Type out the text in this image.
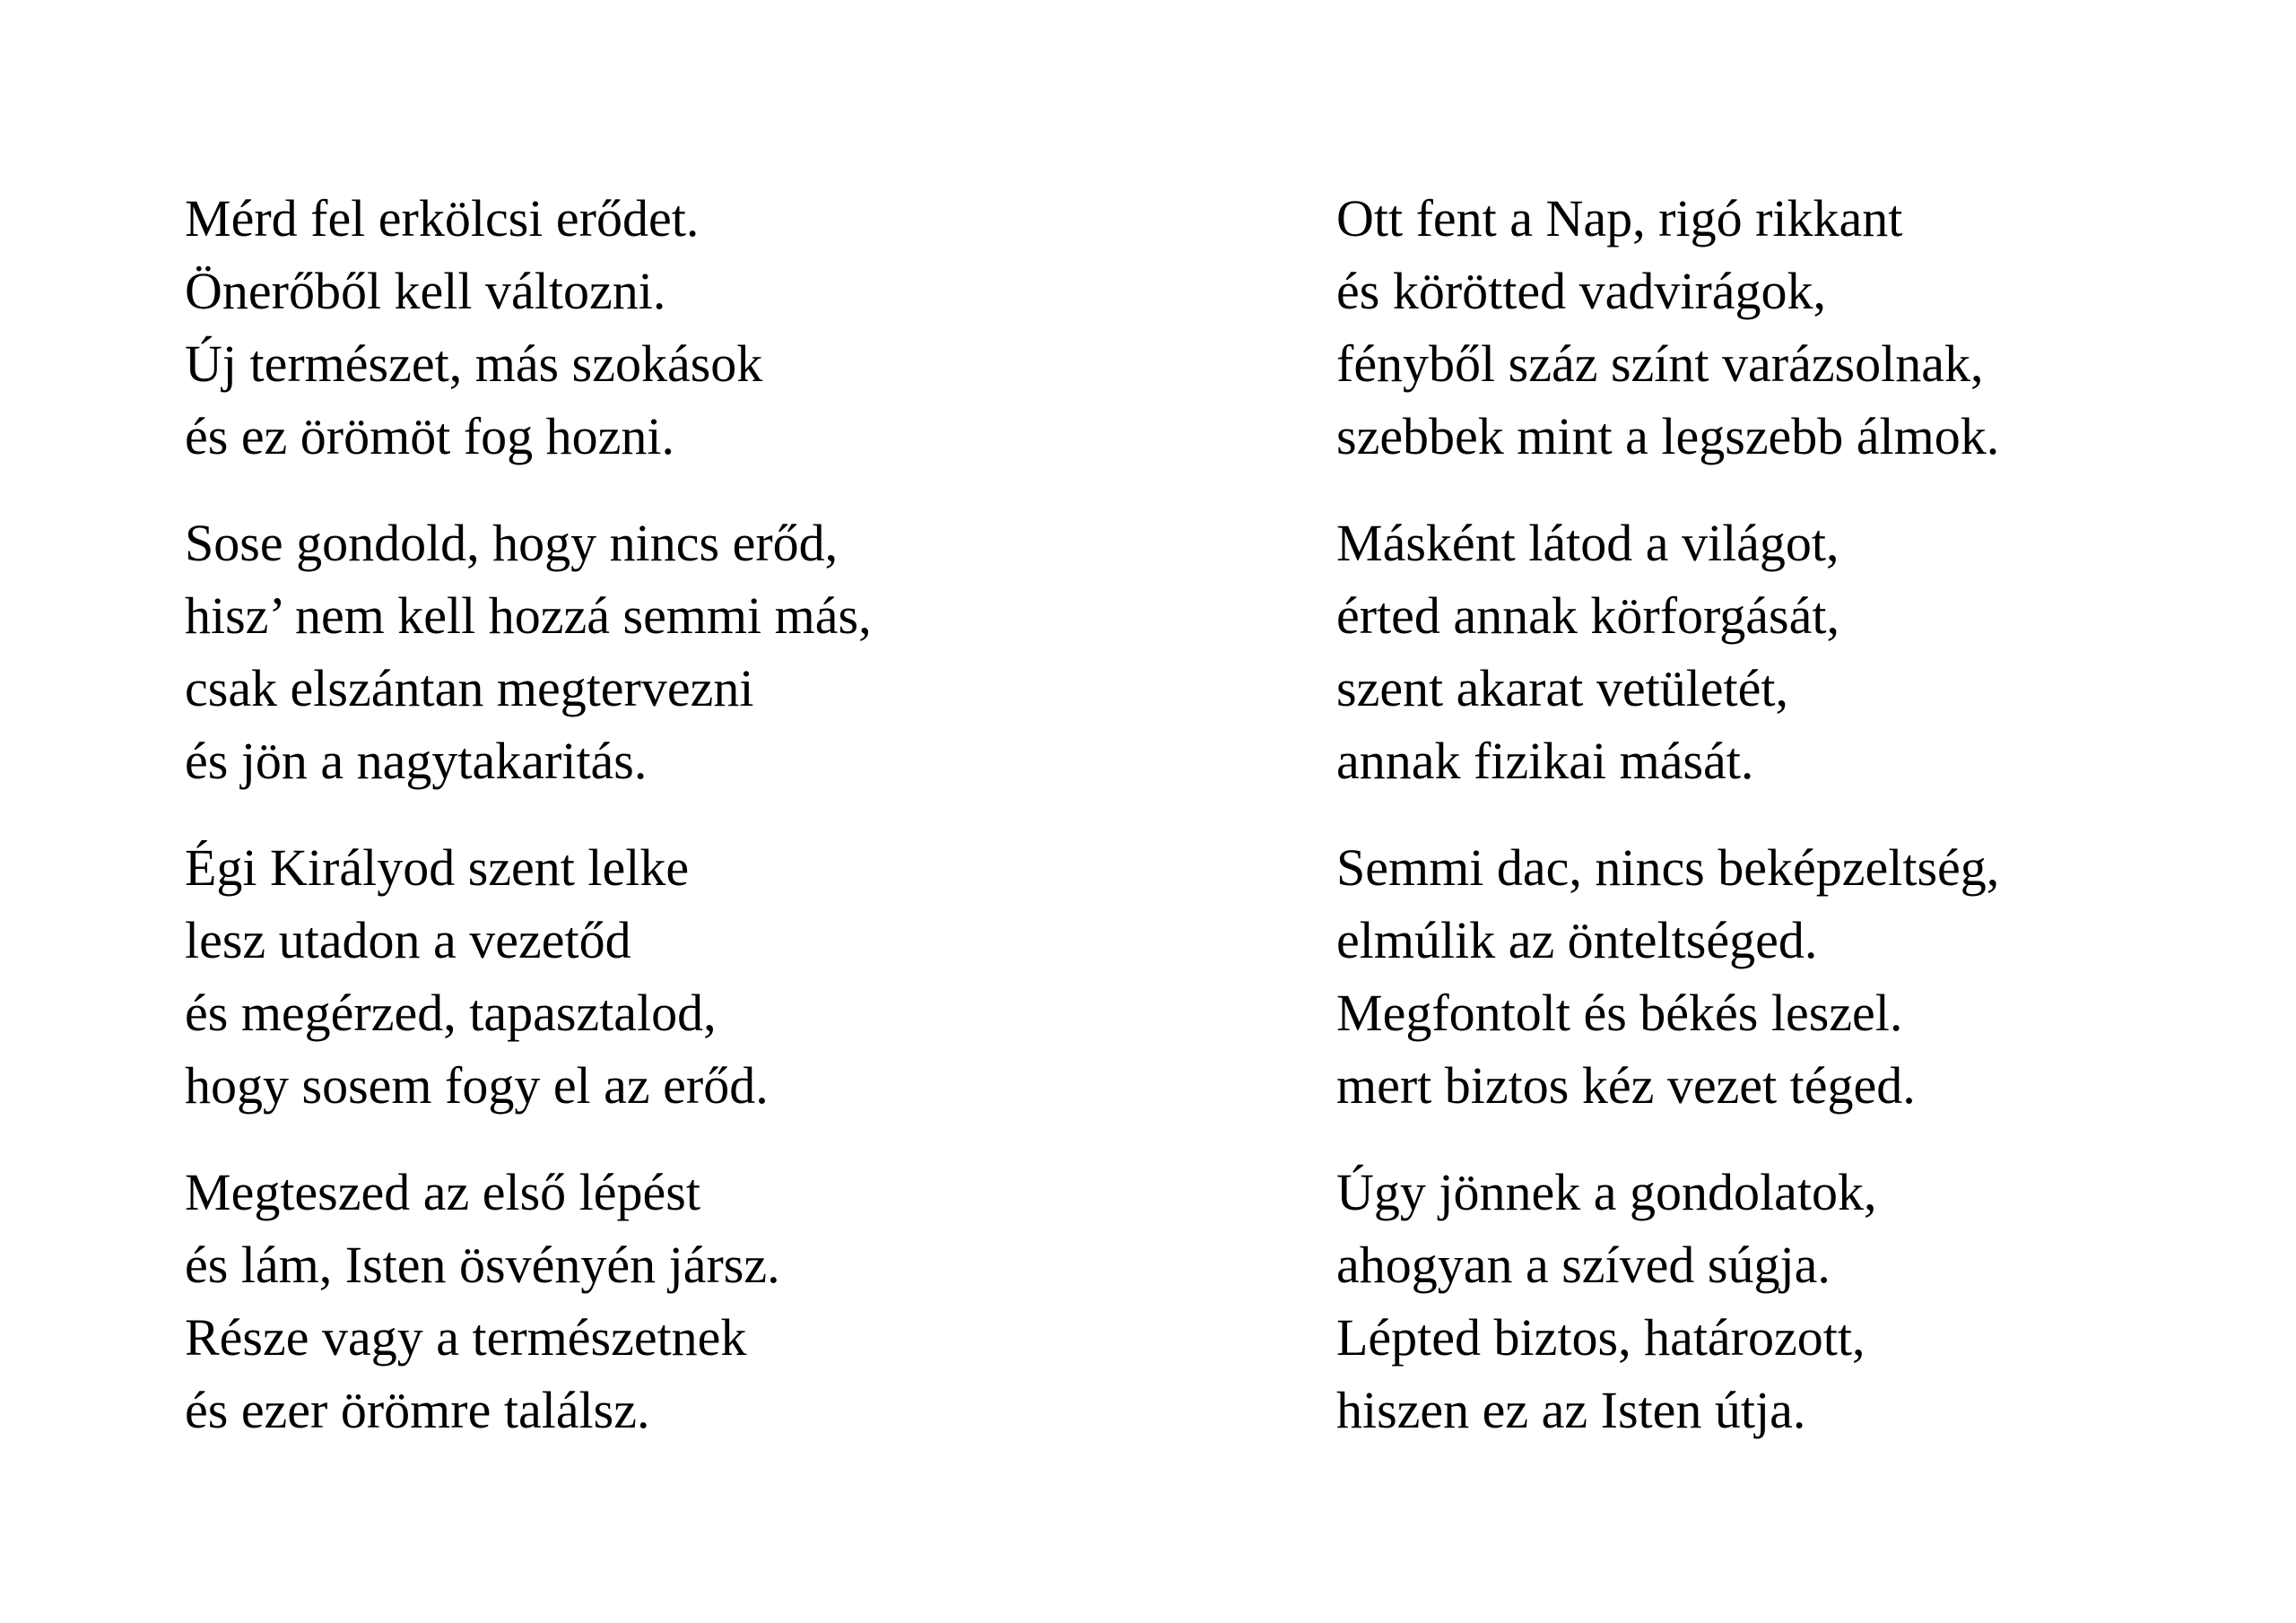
Mérd fel erkölcsi erődet.
Önerőből kell változni.
Új természet, más szokások
és ez örömöt fog hozni.
Sose gondold, hogy nincs erőd,
hisz’ nem kell hozzá semmi más,
csak elszántan megtervezni
és jön a nagytakaritás.
Égi Királyod szent lelke
lesz utadon a vezetőd
és megérzed, tapasztalod,
hogy sosem fogy el az erőd.
Megteszed az első lépést
és lám, Isten ösvényén jársz.
Része vagy a természetnek
és ezer örömre találsz.
Ott fent a Nap, rigó rikkant
és körötted vadvirágok,
fényből száz színt varázsolnak,
szebbek mint a legszebb álmok.
Másként látod a világot,
érted annak körforgását,
szent akarat vetületét,
annak fizikai mását.
Semmi dac, nincs beképzeltség,
elmúlik az önteltséged.
Megfontolt és békés leszel.
mert biztos kéz vezet téged.
Úgy jönnek a gondolatok,
ahogyan a szíved súgja.
Lépted biztos, határozott,
hiszen ez az Isten útja.
